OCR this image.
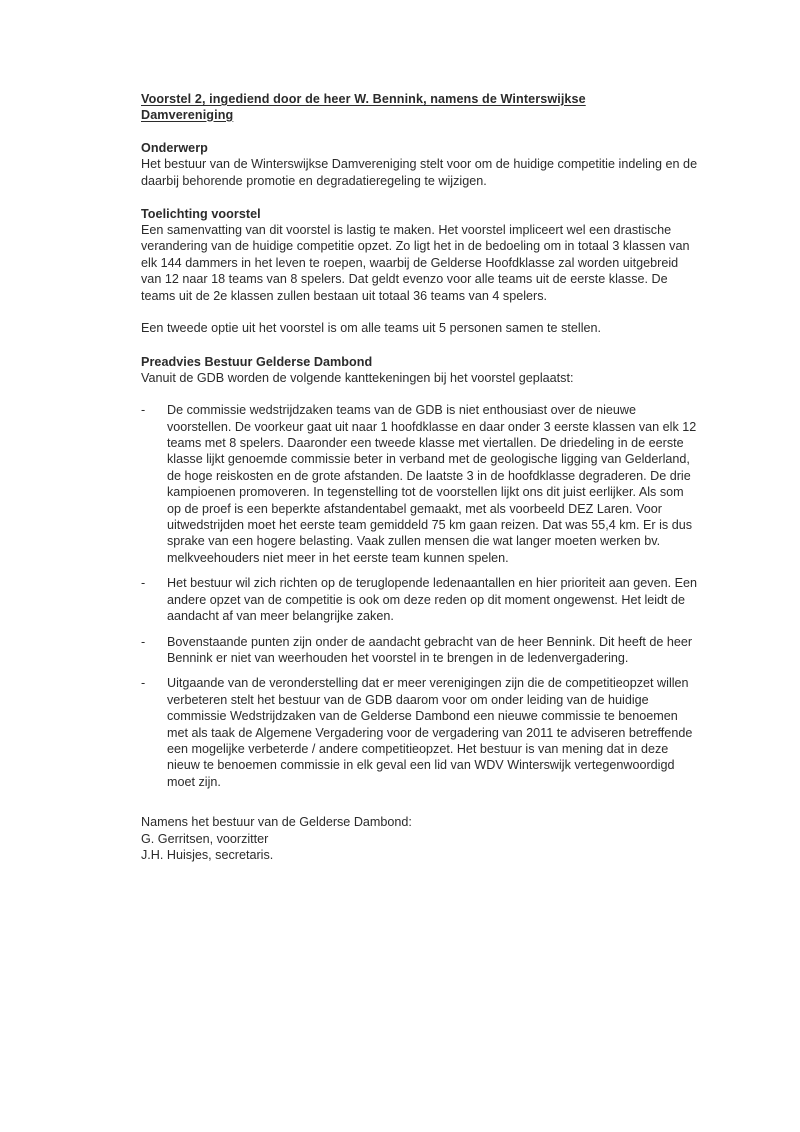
Voorstel 2, ingediend door de heer W. Bennink, namens de Winterswijkse
Damvereniging
Onderwerp

Het bestuur van de Winterswijkse Damvereniging stelt voor om de huidige competitie indeling en de daarbij behorende promotie en degradatieregeling te wijzigen.

Toelichting voorstel

Een samenvatting van dit voorstel is lastig te maken. Het voorstel impliceert wel een drastische verandering van de huidige competitie opzet. Zo ligt het in de bedoeling om in totaal 3 klassen van elk 144 dammers in het leven te roepen, waarbij de Gelderse Hoofdklasse zal worden uitgebreid van 12 naar 18 teams van 8 spelers. Dat geldt evenzo voor alle teams uit de eerste klasse. De teams uit de 2e klassen zullen bestaan uit totaal 36 teams van 4 spelers.

Een tweede optie uit het voorstel is om alle teams uit 5 personen samen te stellen.

Preadvies Bestuur Gelderse Dambond

Vanuit de GDB worden de volgende kanttekeningen bij het voorstel geplaatst:

-	De commissie wedstrijdzaken teams van de GDB is niet enthousiast over de nieuwe voorstellen. De voorkeur gaat uit naar 1 hoofdklasse en daar onder 3 eerste klassen van elk 12 teams met 8 spelers. Daaronder een tweede klasse met viertallen. De driedeling in de eerste klasse lijkt genoemde commissie beter in verband met de geologische ligging van Gelderland, de hoge reiskosten en de grote afstanden. De laatste 3 in de hoofdklasse degraderen. De drie kampioenen promoveren. In tegenstelling tot de voorstellen lijkt ons dit juist eerlijker. Als som op de proef is een beperkte afstandentabel gemaakt, met als voorbeeld DEZ Laren. Voor uitwedstrijden moet het eerste team gemiddeld 75 km gaan reizen. Dat was 55,4 km. Er is dus sprake van een hogere belasting. Vaak zullen mensen die wat langer moeten werken bv. melkveehouders niet meer in het eerste team kunnen spelen.
-	Het bestuur wil zich richten op de teruglopende ledenaantallen en hier prioriteit aan geven. Een andere opzet van de competitie is ook om deze reden op dit moment ongewenst. Het leidt de aandacht af van meer belangrijke zaken.
-	Bovenstaande punten zijn onder de aandacht gebracht van de heer Bennink. Dit heeft de heer Bennink er niet van weerhouden het voorstel in te brengen in de ledenvergadering.
-	Uitgaande van de veronderstelling dat er meer verenigingen zijn die de competitieopzet willen verbeteren stelt het bestuur van de GDB daarom voor om onder leiding van de huidige commissie Wedstrijdzaken van de Gelderse Dambond een nieuwe commissie te benoemen met als taak de Algemene Vergadering voor de vergadering van 2011 te adviseren betreffende een mogelijke verbeterde / andere competitieopzet. Het bestuur is van mening dat in deze nieuw te benoemen commissie in elk geval een lid van WDV Winterswijk vertegenwoordigd moet zijn.

Namens het bestuur van de Gelderse Dambond:

G. Gerritsen, voorzitter

J.H. Huisjes, secretaris.
